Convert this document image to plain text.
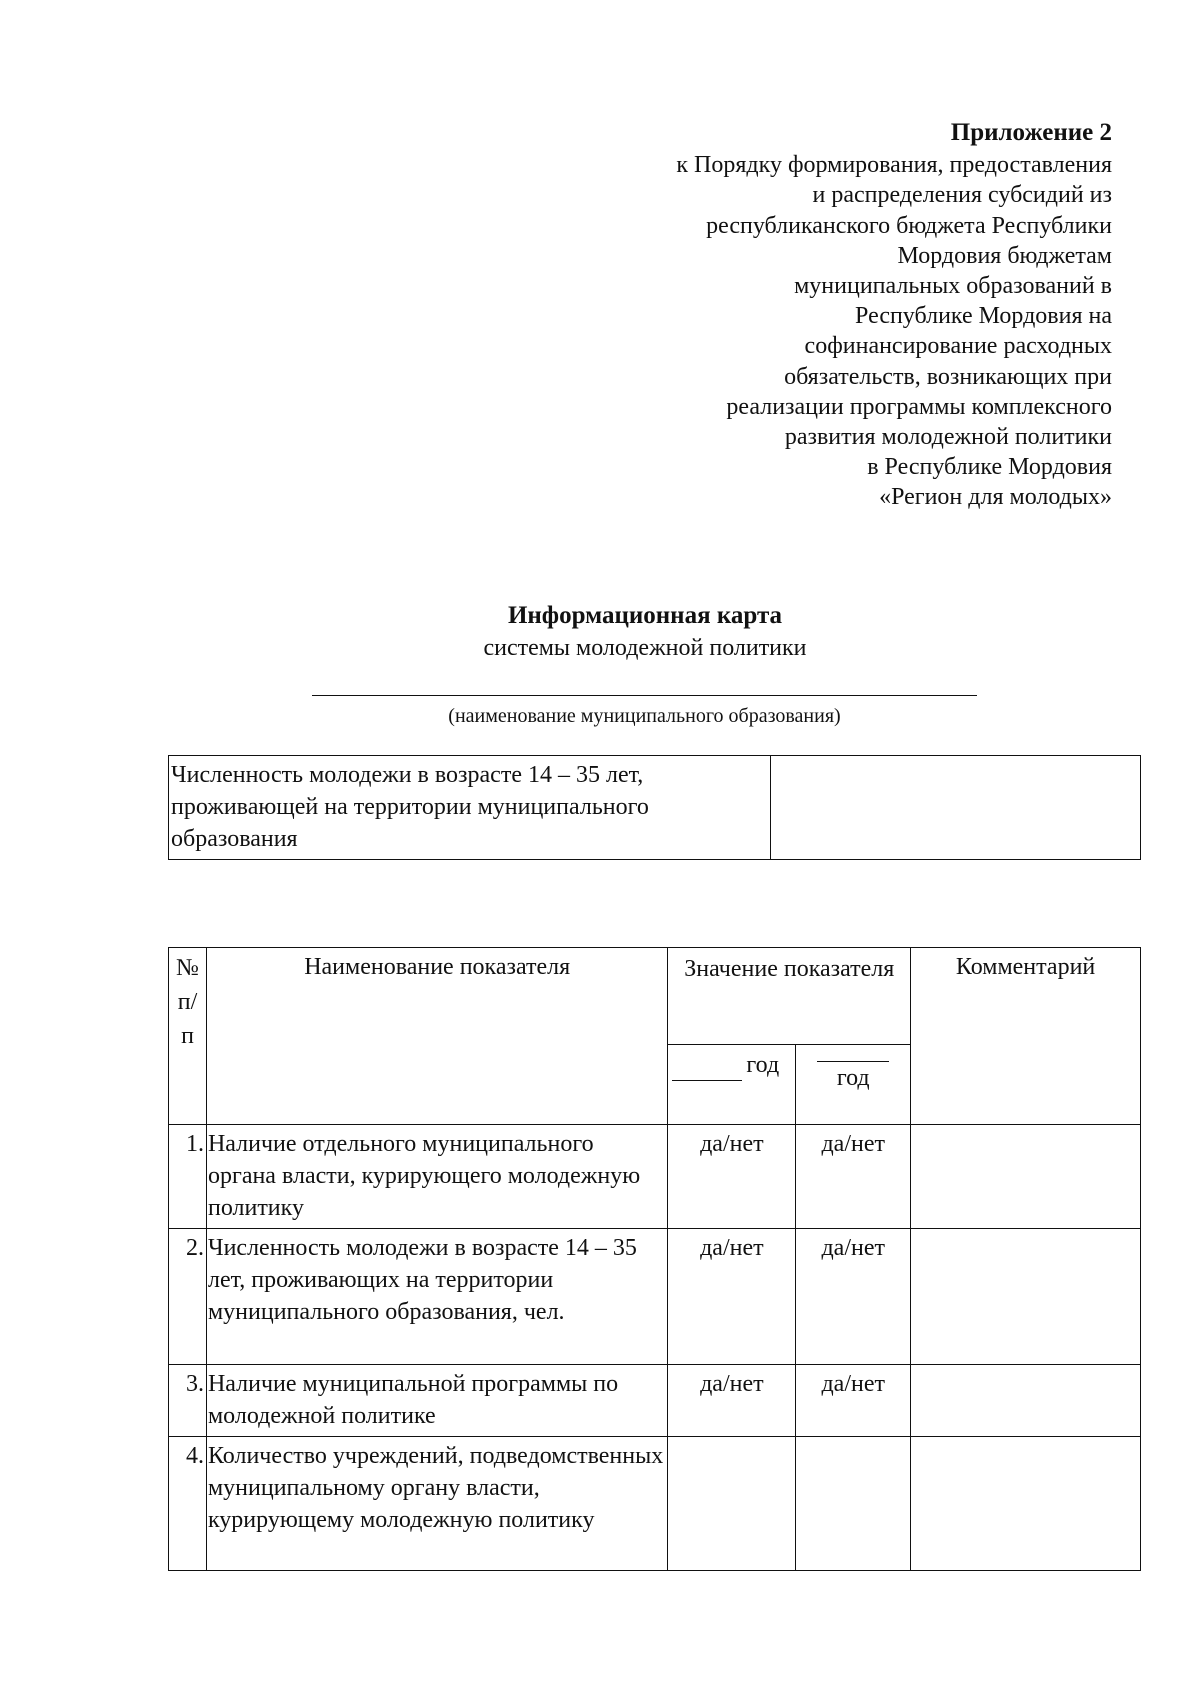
Приложение 2
к Порядку формирования, предоставления
и распределения субсидий из
республиканского бюджета Республики
Мордовия бюджетам
муниципальных образований в
Республике Мордовия на
софинансирование расходных
обязательств, возникающих при
реализации программы комплексного
развития молодежной политики
в Республике Мордовия
«Регион для молодых»
Информационная карта
системы молодежной политики
(наименование муниципального образования)
Численность молодежи в возрасте 14 – 35 лет, проживающей на территории муниципального образования	
№ п/ п	Наименование показателя	Значение показателя		Комментарий
		год	год	
1.	Наличие отдельного муниципального органа власти, курирующего молодежную политику	да/нет	да/нет	
2.	Численность молодежи в возрасте 14 – 35 лет, проживающих на территории муниципального образования, чел.	да/нет	да/нет	
3.	Наличие муниципальной программы по молодежной политике	да/нет	да/нет	
4.	Количество учреждений, подведомственных муниципальному органу власти, курирующему молодежную политику			
